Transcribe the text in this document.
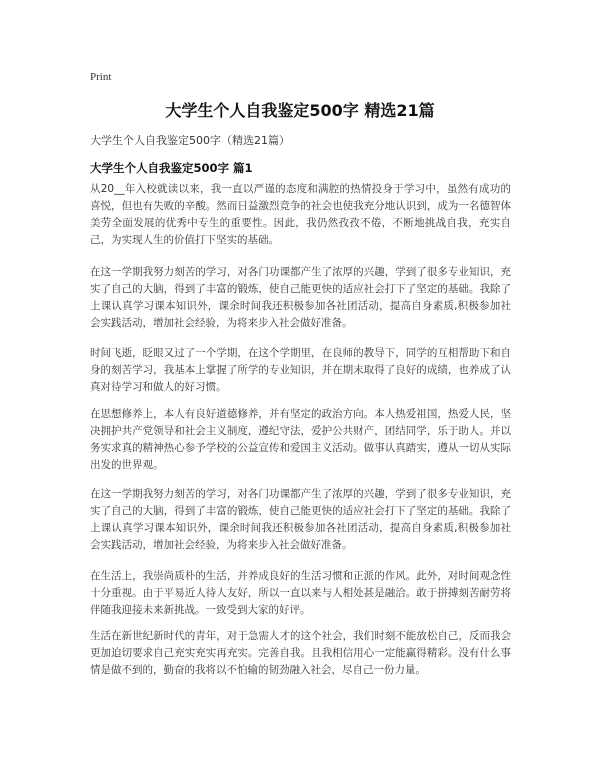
Print
大学生个人自我鉴定500字 精选21篇

大学生个人自我鉴定500字（精选21篇）

大学生个人自我鉴定500字 篇1

从20__年入校就读以来，我一直以严谨的态度和满腔的热情投身于学习中，虽然有成功的喜悦，但也有失败的辛酸。然而日益激烈竞争的社会也使我充分地认识到，成为一名德智体美劳全面发展的优秀中专生的重要性。因此，我仍然孜孜不倦，不断地挑战自我，充实自己，为实现人生的价值打下坚实的基础。

在这一学期我努力刻苦的学习，对各门功课都产生了浓厚的兴趣，学到了很多专业知识，充实了自己的大脑，得到了丰富的锻炼，使自己能更快的适应社会打下了坚定的基础。我除了上课认真学习课本知识外，课余时间我还积极参加各社团活动，提高自身素质,积极参加社会实践活动，增加社会经验，为将来步入社会做好准备。

时间飞逝，眨眼又过了一个学期，在这个学期里，在良师的教导下，同学的互相帮助下和自身的刻苦学习，我基本上掌握了所学的专业知识，并在期末取得了良好的成绩，也养成了认真对待学习和做人的好习惯。

在思想修养上，本人有良好道德修养，并有坚定的政治方向。本人热爱祖国，热爱人民，坚决拥护共产党领导和社会主义制度，遵纪守法，爱护公共财产，团结同学，乐于助人。并以务实求真的精神热心参予学校的公益宣传和爱国主义活动。做事认真踏实，遵从一切从实际出发的世界观。

在这一学期我努力刻苦的学习，对各门功课都产生了浓厚的兴趣，学到了很多专业知识，充实了自己的大脑，得到了丰富的锻炼，使自己能更快的适应社会打下了坚定的基础。我除了上课认真学习课本知识外，课余时间我还积极参加各社团活动，提高自身素质,积极参加社会实践活动，增加社会经验，为将来步入社会做好准备。

在生活上，我崇尚质朴的生活，并养成良好的生活习惯和正派的作风。此外，对时间观念性十分重视。由于平易近人待人友好，所以一直以来与人相处甚是融洽。敢于拼搏刻苦耐劳将伴随我迎接未来新挑战。一致受到大家的好评。

生活在新世纪新时代的青年，对于急需人才的这个社会，我们时刻不能放松自己，反而我会更加迫切要求自己充实充实再充实。完善自我。且我相信用心一定能赢得精彩。没有什么事情是做不到的，勤奋的我将以不怕输的韧劲融入社会，尽自己一份力量。
